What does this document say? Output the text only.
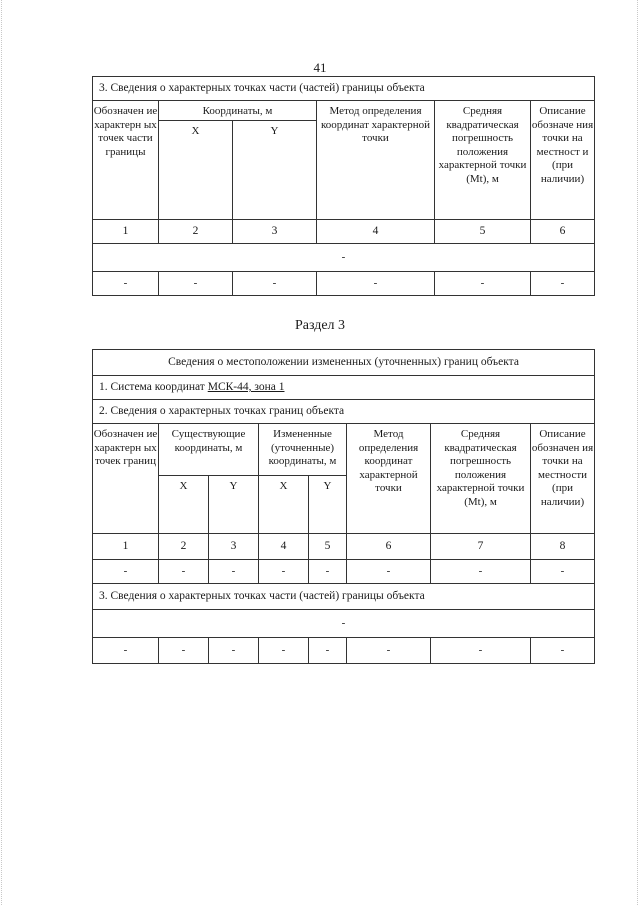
41
3. Сведения о характерных точках части (частей) границы объекта					
Обозначен ие характерн ых точек части границы	Координаты, м		Метод определения координат характерной точки	Средняя квадратическая погрешность положения характерной точки (Mt), м	Описание обозначе ния точки на местност и (при наличии)
	X	Y			
1	2	3	4	5	6
-					
-	-	-	-	-	-
Раздел 3
Сведения о местоположении измененных (уточненных) границ объекта							
1. Система координат МСК-44, зона 1							
2. Сведения о характерных точках границ объекта							
Обозначен ие характерн ых точек границ	Существующие координаты, м		Измененные (уточненные) координаты, м		Метод определения координат характерной точки	Средняя квадратическая погрешность положения характерной точки (Mt), м	Описание обозначен ия точки на местности (при наличии)
	X	Y	X	Y			
1	2	3	4	5	6	7	8
-	-	-	-	-	-	-	-
3. Сведения о характерных точках части (частей) границы объекта							
-							
-	-	-	-	-	-	-	-
